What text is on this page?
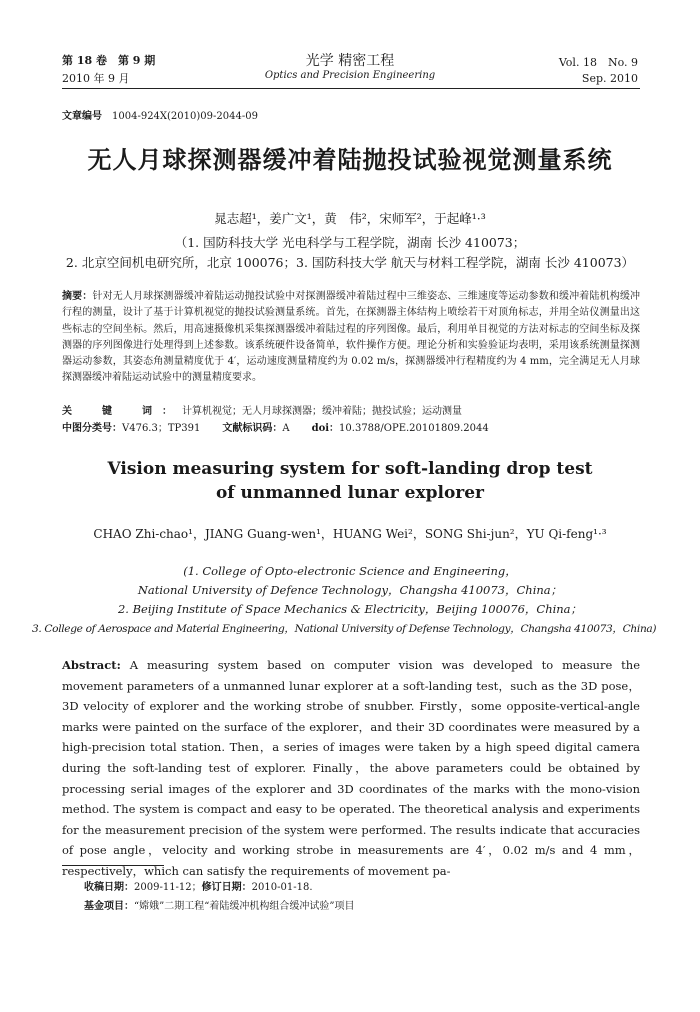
第 18 卷　第 9 期
2010 年 9 月
光学 精密工程
Optics and Precision Engineering
Vol. 18　No. 9
Sep. 2010
文章编号 1004-924X(2010)09-2044-09
无人月球探测器缓冲着陆抛投试验视觉测量系统
晁志超¹，姜广文¹，黄　伟²，宋师军²，于起峰¹·³
（1. 国防科技大学 光电科学与工程学院，湖南 长沙 410073；
2. 北京空间机电研究所，北京 100076；3. 国防科技大学 航天与材料工程学院，湖南 长沙 410073）
摘要：针对无人月球探测器缓冲着陆运动抛投试验中对探测器缓冲着陆过程中三维姿态、三维速度等运动参数和缓冲着陆机构缓冲行程的测量，设计了基于计算机视觉的抛投试验测量系统。首先，在探测器主体结构上喷绘若干对顶角标志，并用全站仪测量出这些标志的空间坐标。然后，用高速摄像机采集探测器缓冲着陆过程的序列图像。最后，利用单目视觉的方法对标志的空间坐标及探测器的序列图像进行处理得到上述参数。该系统硬件设备简单，软件操作方便。理论分析和实验验证均表明，采用该系统测量探测器运动参数，其姿态角测量精度优于 4′，运动速度测量精度约为 0.02 m/s，探测器缓冲行程精度约为 4 mm，完全满足无人月球探测器缓冲着陆运动试验中的测量精度要求。
关　键　词：计算机视觉；无人月球探测器；缓冲着陆；抛投试验；运动测量
中图分类号：V476.3；TP391 文献标识码：A doi：10.3788/OPE.20101809.2044
Vision measuring system for soft-landing drop test
of unmanned lunar explorer
CHAO Zhi-chao¹，JIANG Guang-wen¹，HUANG Wei²，SONG Shi-jun²，YU Qi-feng¹·³
(1. College of Opto-electronic Science and Engineering，
National University of Defence Technology，Changsha 410073，China；
2. Beijing Institute of Space Mechanics & Electricity，Beijing 100076，China；
3. College of Aerospace and Material Engineering，National University of Defense Technology，Changsha 410073，China)
Abstract: A measuring system based on computer vision was developed to measure the movement parameters of a unmanned lunar explorer at a soft-landing test，such as the 3D pose，3D velocity of explorer and the working strobe of snubber. Firstly，some opposite-vertical-angle marks were painted on the surface of the explorer，and their 3D coordinates were measured by a high-precision total station. Then，a series of images were taken by a high speed digital camera during the soft-landing test of explorer. Finally，the above parameters could be obtained by processing serial images of the explorer and 3D coordinates of the marks with the mono-vision method. The system is compact and easy to be operated. The theoretical analysis and experiments for the measurement precision of the system were performed. The results indicate that accuracies of pose angle，velocity and working strobe in measurements are 4′，0.02 m/s and 4 mm，respectively，which can satisfy the requirements of movement pa-
收稿日期：2009-11-12；修订日期：2010-01-18.
基金项目：“嫦娥”二期工程“着陆缓冲机构组合缓冲试验”项目
